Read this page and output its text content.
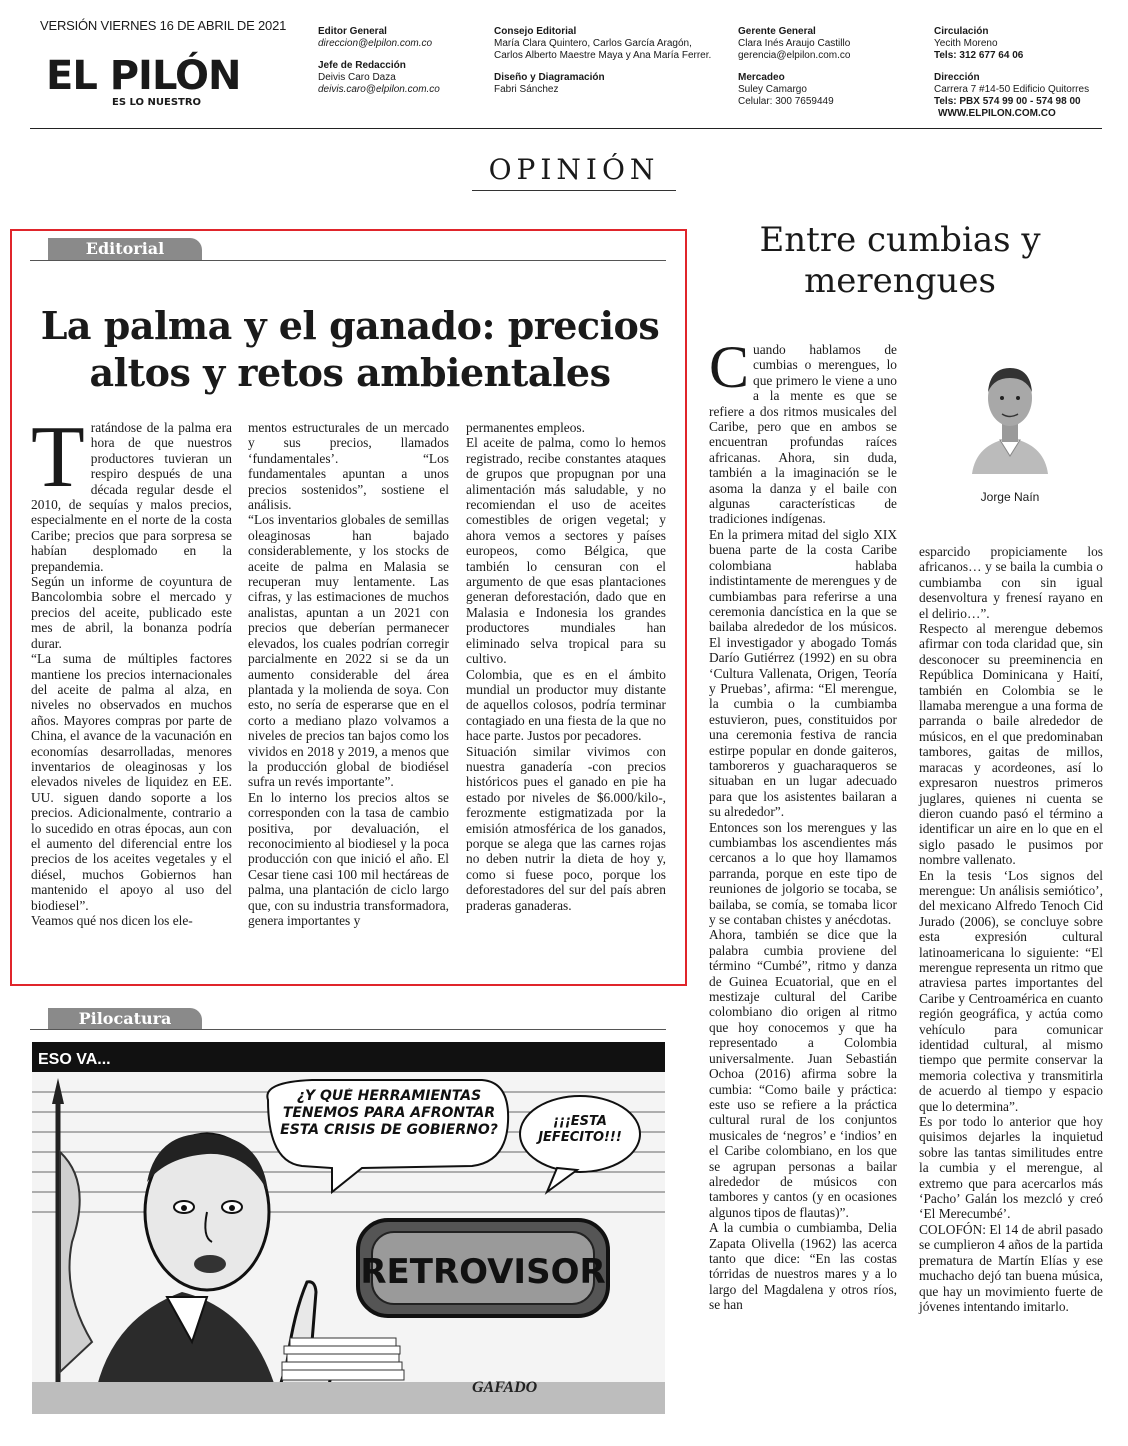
VERSIÓN VIERNES 16 DE ABRIL DE 2021
EL PILÓN
ES LO NUESTRO
Editor General
direccion@elpilon.com.co
Jefe de Redacción
Deivis Caro Daza
deivis.caro@elpilon.com.co
Consejo Editorial
María Clara Quintero, Carlos García Aragón, Carlos Alberto Maestre Maya y Ana María Ferrer.
Diseño y Diagramación
Fabri Sánchez
Gerente General
Clara Inés Araujo Castillo
gerencia@elpilon.com.co
Mercadeo
Suley Camargo
Celular: 300 7659449
Circulación
Yecith Moreno
Tels: 312 677 64 06
Dirección
Carrera 7 #14-50 Edificio Quitorres
Tels: PBX 574 99 00 - 574 98 00
WWW.ELPILON.COM.CO
OPINIÓN
Editorial
La palma y el ganado: precios altos y retos ambientales

Tratándose de la palma era hora de que nuestros productores tuvieran un respiro después de una década regular desde el 2010, de sequías y malos precios, especialmente en el norte de la costa Caribe; precios que para sorpresa se habían desplomado en la prepandemia.

Según un informe de coyuntura de Bancolombia sobre el mercado y precios del aceite, publicado este mes de abril, la bonanza podría durar.

“La suma de múltiples factores mantiene los precios internacionales del aceite de palma al alza, en niveles no observados en muchos años. Mayores compras por parte de China, el avance de la vacunación en economías desarrolladas, menores inventarios de oleaginosas y los elevados niveles de liquidez en EE. UU. siguen dando soporte a los precios. Adicionalmente, contrario a lo sucedido en otras épocas, aun con el aumento del diferencial entre los precios de los aceites vegetales y el diésel, muchos Gobiernos han mantenido el apoyo al uso del biodiesel”.

Veamos qué nos dicen los ele-

mentos estructurales de un mercado y sus precios, llamados ‘fundamentales’. “Los fundamentales apuntan a unos precios sostenidos”, sostiene el análisis.

“Los inventarios globales de semillas oleaginosas han bajado considerablemente, y los stocks de aceite de palma en Malasia se recuperan muy lentamente. Las cifras, y las estimaciones de muchos analistas, apuntan a un 2021 con precios que deberían permanecer elevados, los cuales podrían corregir parcialmente en 2022 si se da un aumento considerable del área plantada y la molienda de soya. Con esto, no sería de esperarse que en el corto a mediano plazo volvamos a niveles de precios tan bajos como los vividos en 2018 y 2019, a menos que la producción global de biodiésel sufra un revés importante”.

En lo interno los precios altos se corresponden con la tasa de cambio positiva, por devaluación, el reconocimiento al biodiesel y la poca producción con que inició el año. El Cesar tiene casi 100 mil hectáreas de palma, una plantación de ciclo largo que, con su industria transformadora, genera importantes y

permanentes empleos.

El aceite de palma, como lo hemos registrado, recibe constantes ataques de grupos que propugnan por una alimentación más saludable, y no recomiendan el uso de aceites comestibles de origen vegetal; y ahora vemos a sectores y países europeos, como Bélgica, que también lo censuran con el argumento de que esas plantaciones generan deforestación, dado que en Malasia e Indonesia los grandes productores mundiales han eliminado selva tropical para su cultivo.

Colombia, que es en el ámbito mundial un productor muy distante de aquellos colosos, podría terminar contagiado en una fiesta de la que no hace parte. Justos por pecadores.

Situación similar vivimos con nuestra ganadería -con precios históricos pues el ganado en pie ha estado por niveles de $6.000/kilo-, ferozmente estigmatizada por la emisión atmosférica de los ganados, porque se alega que las carnes rojas no deben nutrir la dieta de hoy y, como si fuese poco, porque los deforestadores del sur del país abren praderas ganaderas.

Pilocatura
ESO VA...
¿Y QUÉ HERRAMIENTAS TENEMOS PARA AFRONTAR ESTA CRISIS DE GOBIERNO?
¡¡¡ESTA JEFECITO!!!
RETROVISOR
GAFADO
Entre cumbias y merengues
Jorge Naín

Cuando hablamos de cumbias o merengues, lo que primero le viene a uno a la mente es que se refiere a dos ritmos musicales del Caribe, pero que en ambos se encuentran profundas raíces africanas. Ahora, sin duda, también a la imaginación se le asoma la danza y el baile con algunas características de tradiciones indígenas.

En la primera mitad del siglo XIX buena parte de la costa Caribe colombiana hablaba indistintamente de merengues y de cumbiambas para referirse a una ceremonia dancística en la que se bailaba alrededor de los músicos. El investigador y abogado Tomás Darío Gutiérrez (1992) en su obra ‘Cultura Vallenata, Origen, Teoría y Pruebas’, afirma: “El merengue, la cumbia o la cumbiamba estuvieron, pues, constituidos por una ceremonia festiva de rancia estirpe popular en donde gaiteros, tamboreros y guacharaqueros se situaban en un lugar adecuado para que los asistentes bailaran a su alrededor”.

Entonces son los merengues y las cumbiambas los ascendientes más cercanos a lo que hoy llamamos parranda, porque en este tipo de reuniones de jolgorio se tocaba, se bailaba, se comía, se tomaba licor y se contaban chistes y anécdotas.

Ahora, también se dice que la palabra cumbia proviene del término “Cumbé”, ritmo y danza de Guinea Ecuatorial, que en el mestizaje cultural del Caribe colombiano dio origen al ritmo que hoy conocemos y que ha representado a Colombia universalmente. Juan Sebastián Ochoa (2016) afirma sobre la cumbia: “Como baile y práctica: este uso se refiere a la práctica cultural rural de los conjuntos musicales de ‘negros’ e ‘indios’ en el Caribe colombiano, en los que se agrupan personas a bailar alrededor de músicos con tambores y cantos (y en ocasiones algunos tipos de flautas)”.

A la cumbia o cumbiamba, Delia Zapata Olivella (1962) las acerca tanto que dice: “En las costas tórridas de nuestros mares y a lo largo del Magdalena y otros ríos, se han

esparcido propiciamente los africanos… y se baila la cumbia o cumbiamba con sin igual desenvoltura y frenesí rayano en el delirio…”.

Respecto al merengue debemos afirmar con toda claridad que, sin desconocer su preeminencia en República Dominicana y Haití, también en Colombia se le llamaba merengue a una forma de parranda o baile alrededor de músicos, en el que predominaban tambores, gaitas de millos, maracas y acordeones, así lo expresaron nuestros primeros juglares, quienes ni cuenta se dieron cuando pasó el término a identificar un aire en lo que en el siglo pasado le pusimos por nombre vallenato.

En la tesis ‘Los signos del merengue: Un análisis semiótico’, del mexicano Alfredo Tenoch Cid Jurado (2006), se concluye sobre esta expresión cultural latinoamericana lo siguiente: “El merengue representa un ritmo que atraviesa partes importantes del Caribe y Centroamérica en cuanto región geográfica, y actúa como vehículo para comunicar identidad cultural, al mismo tiempo que permite conservar la memoria colectiva y transmitirla de acuerdo al tiempo y espacio que lo determina”.

Es por todo lo anterior que hoy quisimos dejarles la inquietud sobre las tantas similitudes entre la cumbia y el merengue, al extremo que para acercarlos más ‘Pacho’ Galán los mezcló y creó ‘El Merecumbé’.

COLOFÓN: El 14 de abril pasado se cumplieron 4 años de la partida prematura de Martín Elías y ese muchacho dejó tan buena música, que hay un movimiento fuerte de jóvenes intentando imitarlo.
